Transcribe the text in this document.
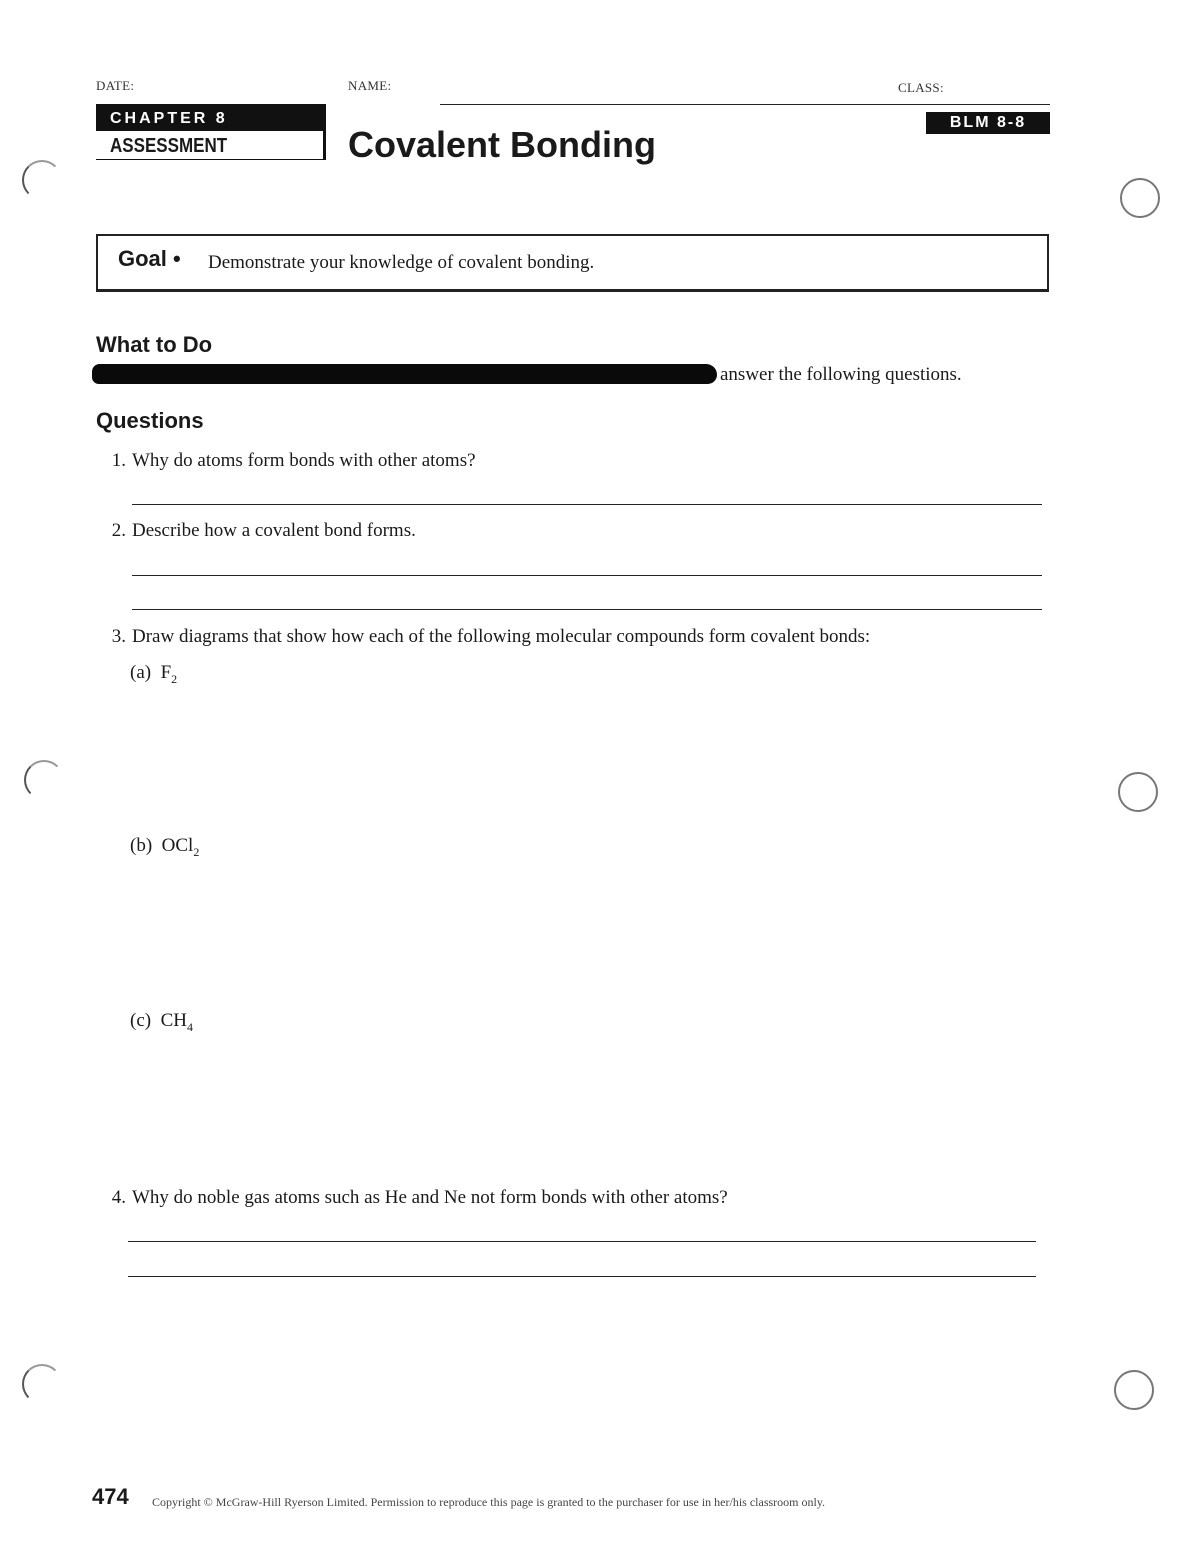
DATE:	NAME:	CLASS:
CHAPTER 8
ASSESSMENT
BLM 8-8
Covalent Bonding
Goal • Demonstrate your knowledge of covalent bonding.
What to Do
answer the following questions.
Questions
1. Why do atoms form bonds with other atoms?
2. Describe how a covalent bond forms.
3. Draw diagrams that show how each of the following molecular compounds form covalent bonds:
(a) $F_2$
(b) OCl$_2$
(c) $CH_4$
4. Why do noble gas atoms such as He and Ne not form bonds with other atoms?
474 Copyright © McGraw-Hill Ryerson Limited. Permission to reproduce this page is granted to the purchaser for use in her/his classroom only.
